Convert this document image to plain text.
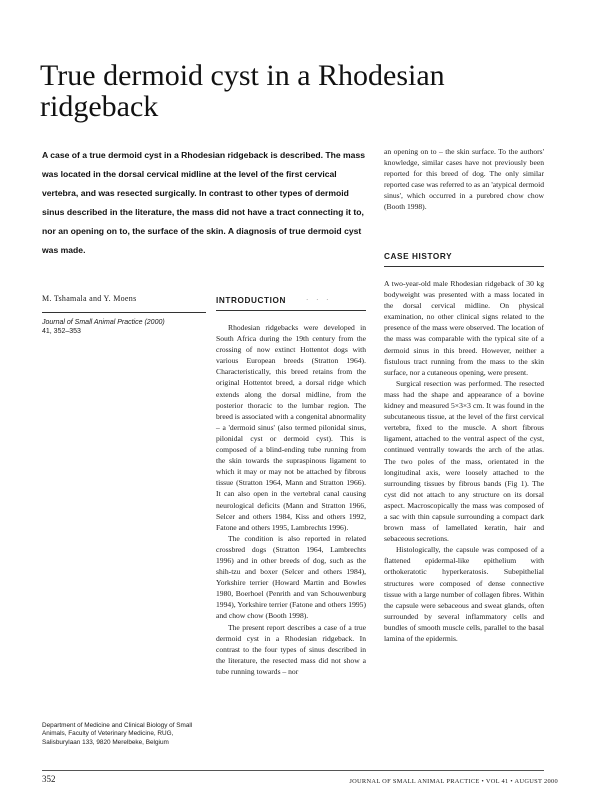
True dermoid cyst in a Rhodesian ridgeback
A case of a true dermoid cyst in a Rhodesian ridgeback is described. The mass was located in the dorsal cervical midline at the level of the first cervical vertebra, and was resected surgically. In contrast to other types of dermoid sinus described in the literature, the mass did not have a tract connecting it to, nor an opening on to, the surface of the skin. A diagnosis of true dermoid cyst was made.
M. Tshamala and Y. Moens
Journal of Small Animal Practice (2000)
41, 352–353
INTRODUCTION	· · ·

Rhodesian ridgebacks were developed in South Africa during the 19th century from the crossing of now extinct Hottentot dogs with various European breeds (Stratton 1964). Characteristically, this breed retains from the original Hottentot breed, a dorsal ridge which extends along the dorsal midline, from the posterior thoracic to the lumbar region. The breed is associated with a congenital abnormality – a 'dermoid sinus' (also termed pilonidal sinus, pilonidal cyst or dermoid cyst). This is composed of a blind-ending tube running from the skin towards the supraspinous ligament to which it may or may not be attached by fibrous tissue (Stratton 1964, Mann and Stratton 1966). It can also open in the vertebral canal causing neurological deficits (Mann and Stratton 1966, Selcer and others 1984, Kiss and others 1992, Fatone and others 1995, Lambrechts 1996).

The condition is also reported in related crossbred dogs (Stratton 1964, Lambrechts 1996) and in other breeds of dog, such as the shih-tzu and boxer (Selcer and others 1984), Yorkshire terrier (Howard Martin and Bowles 1980, Boerhoel (Penrith and van Schouwenburg 1994), Yorkshire terrier (Fatone and others 1995) and chow chow (Booth 1998).

The present report describes a case of a true dermoid cyst in a Rhodesian ridgeback. In contrast to the four types of sinus described in the literature, the resected mass did not show a tube running towards – nor

an opening on to – the skin surface. To the authors' knowledge, similar cases have not previously been reported for this breed of dog. The only similar reported case was referred to as an 'atypical dermoid sinus', which occurred in a purebred chow chow (Booth 1998).

CASE HISTORY

A two-year-old male Rhodesian ridgeback of 30 kg bodyweight was presented with a mass located in the dorsal cervical midline. On physical examination, no other clinical signs related to the presence of the mass were observed. The location of the mass was comparable with the typical site of a dermoid sinus in this breed. However, neither a fistulous tract running from the mass to the skin surface, nor a cutaneous opening, were present.

Surgical resection was performed. The resected mass had the shape and appearance of a bovine kidney and measured 5×3×3 cm. It was found in the subcutaneous tissue, at the level of the first cervical vertebra, fixed to the muscle. A short fibrous ligament, attached to the ventral aspect of the cyst, continued ventrally towards the arch of the atlas. The two poles of the mass, orientated in the longitudinal axis, were loosely attached to the surrounding tissues by fibrous bands (Fig 1). The cyst did not attach to any structure on its dorsal aspect. Macroscopically the mass was composed of a sac with thin capsule surrounding a compact dark brown mass of lamellated keratin, hair and sebaceous secretions.

Histologically, the capsule was composed of a flattened epidermal-like epithelium with orthokeratotic hyperkeratosis. Subepithelial structures were composed of dense connective tissue with a large number of collagen fibres. Within the capsule were sebaceous and sweat glands, often surrounded by several inflammatory cells and bundles of smooth muscle cells, parallel to the basal lamina of the epidermis.

Department of Medicine and Clinical Biology of Small Animals, Faculty of Veterinary Medicine, RUG, Salisburylaan 133, 9820 Merelbeke, Belgium
352	JOURNAL OF SMALL ANIMAL PRACTICE • VOL 41 • AUGUST 2000
